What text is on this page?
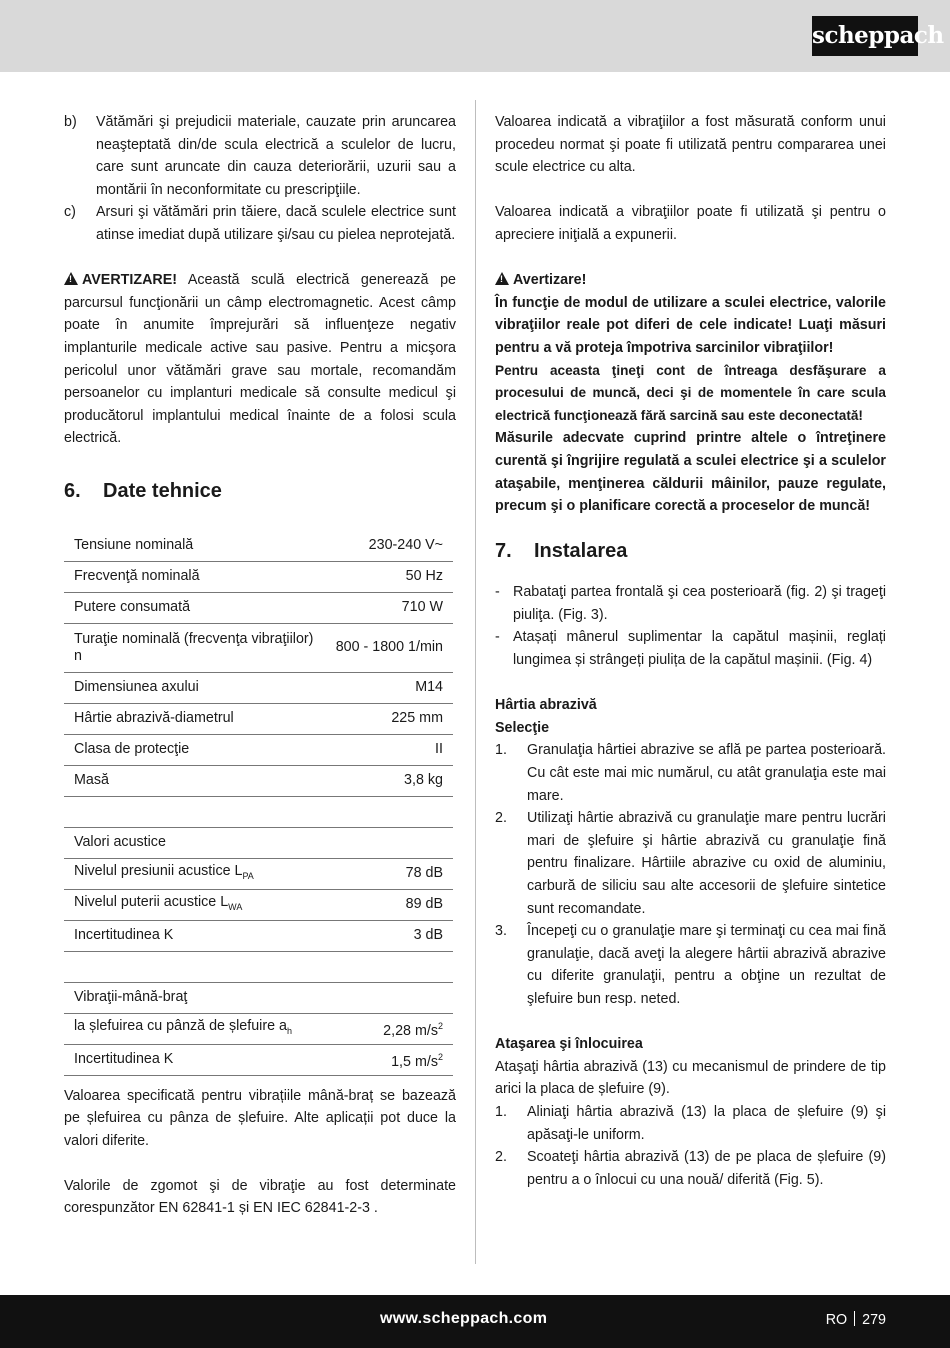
scheppach
b) Vătămări şi prejudicii materiale, cauzate prin aruncarea neaşteptată din/de scula electrică a sculelor de lucru, care sunt aruncate din cauza deteriorării, uzurii sau a montării în neconformitate cu prescripţiile.
c) Arsuri şi vătămări prin tăiere, dacă sculele electrice sunt atinse imediat după utilizare şi/sau cu pielea neprotejată.

!AVERTIZARE! Această sculă electrică generează pe parcursul funcţionării un câmp electromagnetic. Acest câmp poate în anumite împrejurări să influenţeze negativ implanturile medicale active sau pasive. Pentru a micşora pericolul unor vătămări grave sau mortale, recomandăm persoanelor cu implanturi medicale să consulte medicul şi producătorul implantului medical înainte de a folosi scula electrică.

6. Date tehnice
Tensiune nominală	230-240 V~
Frecvenţă nominală	50 Hz
Putere consumată	710 W
Turaţie nominală (frecvenţa vibraţiilor) n	800 - 1800 1/min
Dimensiunea axului	M14
Hârtie abrazivă-diametrul	225 mm
Clasa de protecţie	II
Masă	3,8 kg

Valori acustice	
Nivelul presiunii acustice $L_{PA}$	78 dB
Nivelul puterii acustice $L_{WA}$	89 dB
Incertitudinea K	3 dB

Vibraţii-mână-braţ	
la șlefuirea cu pânză de șlefuire $a_h$	2,28 $m/s^2$
Incertitudinea K	1,5 $m/s^2$

Valoarea specificată pentru vibrațiile mână-braț se bazează pe șlefuirea cu pânza de șlefuire. Alte aplicații pot duce la valori diferite.

Valorile de zgomot şi de vibraţie au fost determinate corespunzător EN 62841-1 și EN IEC 62841-2-3 .

Valoarea indicată a vibraţiilor a fost măsurată conform unui procedeu normat şi poate fi utilizată pentru compararea unei scule electrice cu alta.

Valoarea indicată a vibraţiilor poate fi utilizată şi pentru o apreciere iniţială a expunerii.

!Avertizare!

În funcţie de modul de utilizare a sculei electrice, valorile vibraţiilor reale pot diferi de cele indicate! Luaţi măsuri pentru a vă proteja împotriva sarcinilor vibraţiilor!

Pentru aceasta ţineţi cont de întreaga desfăşurare a procesului de muncă, deci şi de momentele în care scula electrică funcţionează fără sarcină sau este deconectată!

Măsurile adecvate cuprind printre altele o întreţinere curentă şi îngrijire regulată a sculei electrice şi a sculelor ataşabile, menţinerea căldurii mâinilor, pauze regulate, precum şi o planificare corectă a proceselor de muncă!

7. Instalarea
- Rabataţi partea frontală şi cea posterioară (fig. 2) şi trageţi piuliţa. (Fig. 3).
- Atașați mânerul suplimentar la capătul mașinii, reglați lungimea și strângeți piulița de la capătul mașinii. (Fig. 4)

Hârtia abrazivă

Selecţie

1. Granulaţia hârtiei abrazive se află pe partea posterioară. Cu cât este mai mic numărul, cu atât granulaţia este mai mare.
2. Utilizaţi hârtie abrazivă cu granulaţie mare pentru lucrări mari de şlefuire şi hârtie abrazivă cu granulaţie fină pentru finalizare. Hârtiile abrazive cu oxid de aluminiu, carbură de siliciu sau alte accesorii de şlefuire sintetice sunt recomandate.
3. Începeţi cu o granulaţie mare şi terminaţi cu cea mai fină granulaţie, dacă aveţi la alegere hârtii abrazivă abrazive cu diferite granulaţii, pentru a obţine un rezultat de şlefuire bun resp. neted.

Ataşarea şi înlocuirea

Ataşaţi hârtia abrazivă (13) cu mecanismul de prindere de tip arici la placa de șlefuire (9).

1. Aliniaţi hârtia abrazivă (13) la placa de șlefuire (9) şi apăsaţi-le uniform.
2. Scoateţi hârtia abrazivă (13) de pe placa de șlefuire (9) pentru a o înlocui cu una nouă/ diferită (Fig. 5).
www.scheppach.com	RO 279
